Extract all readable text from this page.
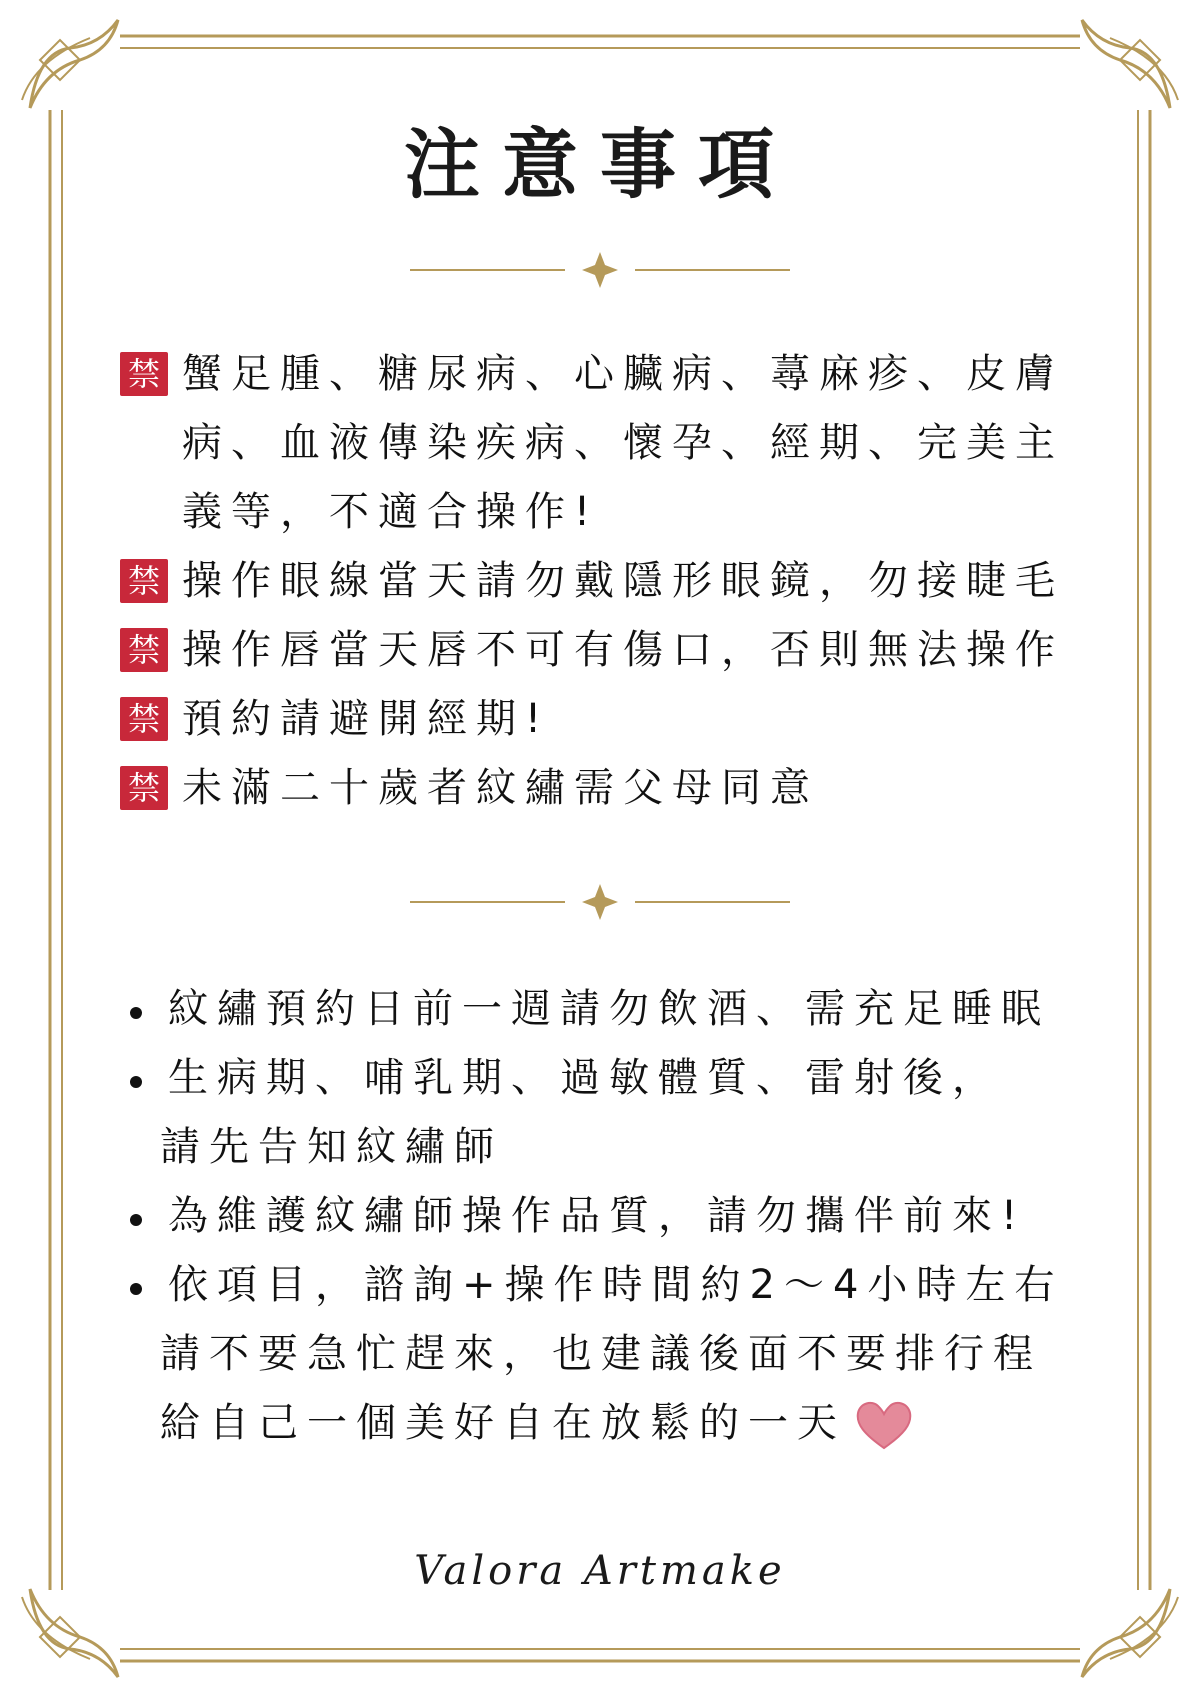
注意事項
禁 蟹足腫、糖尿病、心臟病、蕁麻疹、皮膚
病、血液傳染疾病、懷孕、經期、完美主
義等，不適合操作!
禁 操作眼線當天請勿戴隱形眼鏡，勿接睫毛
禁 操作唇當天唇不可有傷口，否則無法操作
禁 預約請避開經期!
禁 未滿二十歲者紋繡需父母同意
紋繡預約日前一週請勿飲酒、需充足睡眠
生病期、哺乳期、過敏體質、雷射後，
請先告知紋繡師
為維護紋繡師操作品質，請勿攜伴前來!
依項目，諮詢+操作時間約2～4小時左右
請不要急忙趕來，也建議後面不要排行程
給自己一個美好自在放鬆的一天
Valora Artmake
